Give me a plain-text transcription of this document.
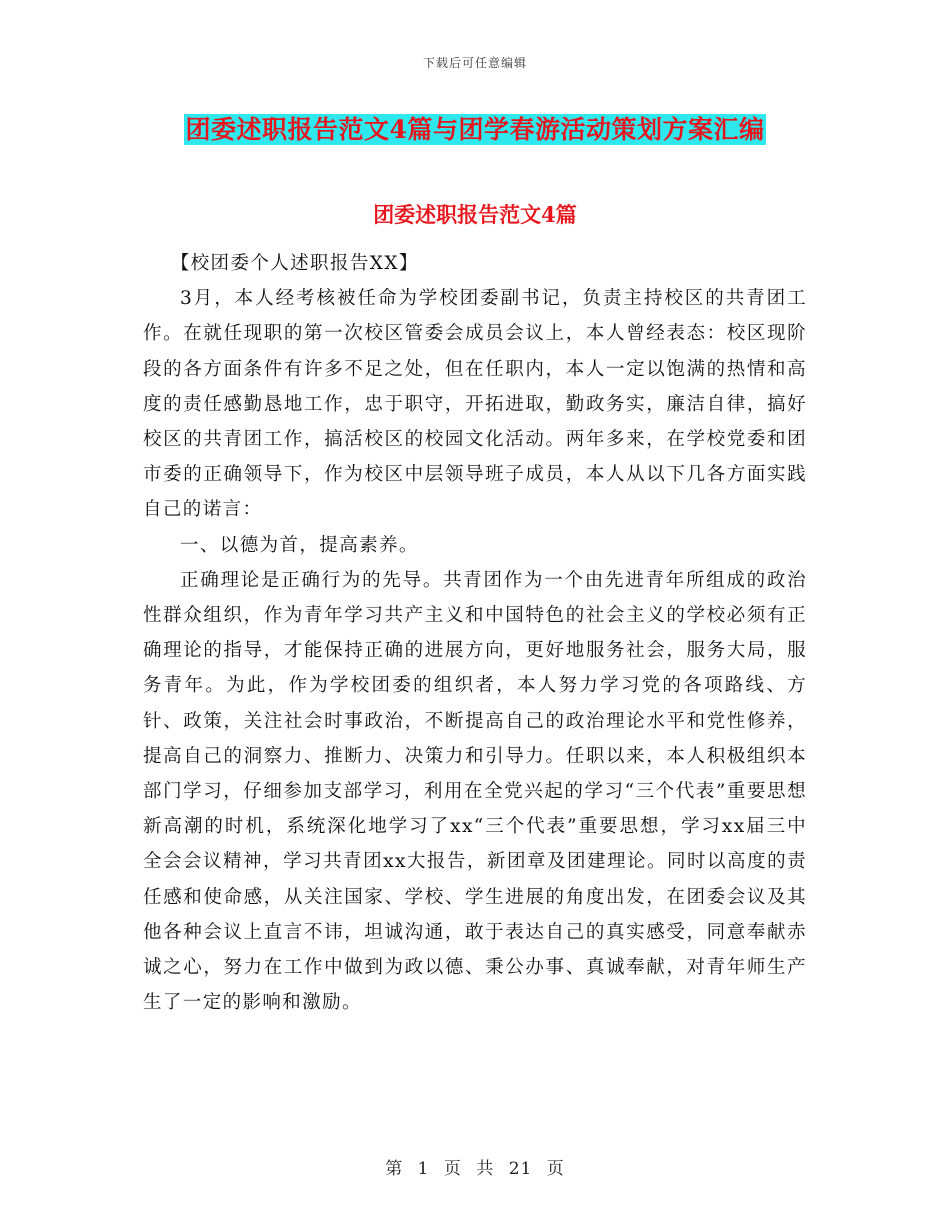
下载后可任意编辑
团委述职报告范文4篇与团学春游活动策划方案汇编
团委述职报告范文4篇

【校团委个人述职报告XX】

3月，本人经考核被任命为学校团委副书记，负责主持校区的共青团工作。在就任现职的第一次校区管委会成员会议上，本人曾经表态：校区现阶段的各方面条件有许多不足之处，但在任职内，本人一定以饱满的热情和高度的责任感勤恳地工作，忠于职守，开拓进取，勤政务实，廉洁自律，搞好校区的共青团工作，搞活校区的校园文化活动。两年多来，在学校党委和团市委的正确领导下，作为校区中层领导班子成员，本人从以下几各方面实践自己的诺言：

一、以德为首，提高素养。

正确理论是正确行为的先导。共青团作为一个由先进青年所组成的政治性群众组织，作为青年学习共产主义和中国特色的社会主义的学校必须有正确理论的指导，才能保持正确的进展方向，更好地服务社会，服务大局，服务青年。为此，作为学校团委的组织者，本人努力学习党的各项路线、方针、政策，关注社会时事政治，不断提高自己的政治理论水平和党性修养，提高自己的洞察力、推断力、决策力和引导力。任职以来，本人积极组织本部门学习，仔细参加支部学习，利用在全党兴起的学习“三个代表”重要思想新高潮的时机，系统深化地学习了xx“三个代表”重要思想，学习xx届三中全会会议精神，学习共青团xx大报告，新团章及团建理论。同时以高度的责任感和使命感，从关注国家、学校、学生进展的角度出发，在团委会议及其他各种会议上直言不讳，坦诚沟通，敢于表达自己的真实感受，同意奉献赤诚之心，努力在工作中做到为政以德、秉公办事、真诚奉献，对青年师生产生了一定的影响和激励。

第 1 页 共 21 页
